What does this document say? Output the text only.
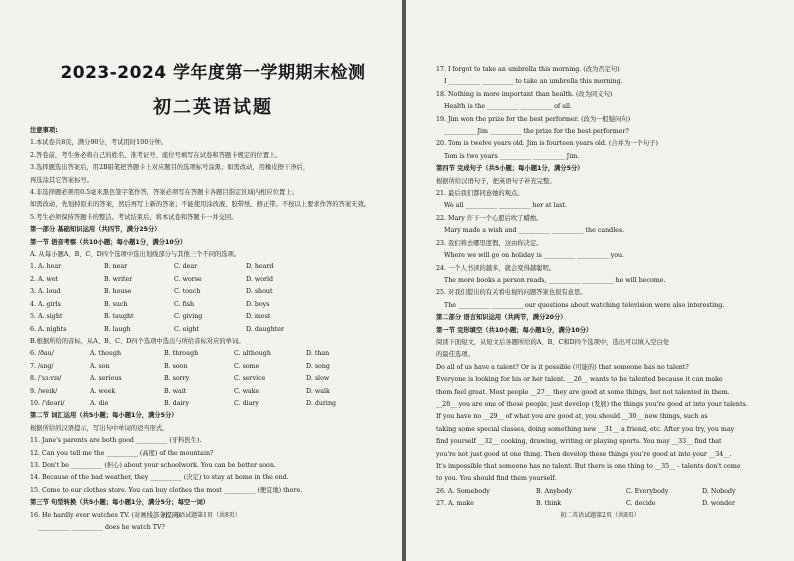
2023-2024 学年度第一学期期末检测
初二英语试题
注意事项:
1.本试卷共8页，满分90分，考试用时100分钟。
2.答卷前，考生务必将自己的姓名、准考证号、座位号填写在试卷和答题卡规定的位置上。
3.选择题选出答案后，用2B铅笔把答题卡上对应题目的选项标号涂黑；如需改动，用橡皮擦干净后，
再选涂其它答案标号。
4.非选择题必须用0.5毫米黑色签字笔作答，答案必须写在答题卡各题目指定区域内相应位置上；
如需改动，先划掉原来的答案，然后再写上新的答案；不能使用涂改液、胶带纸、修正带。不按以上要求作答的答案无效。
5.考生必须保持答题卡的整洁。考试结束后，将本试卷和答题卡一并交回。
第一部分 基础知识运用（共四节，满分25分）
第一节 语音考察（共10小题；每小题1分，满分10分）
A. 从每小题A、B、C、D四个选项中选出划线部分与其他三个不同的选项。
1. A. hear	B. near	C. dear	D. heard
2. A. wet	B. writer	C. worse	D. world
3. A. loud	B. house	C. touch	D. shout
4. A. girls	B. such	C. fish	D. boys
5. A. sight	B. taught	C. giving	D. most
6. A. nights	B. laugh	C. eight	D. daughter
B.根据所给的音标，从A、B、C、D四个选项中选出与所给音标对应的单词。
6. /ðau/	A. though	B. through	C. although	D. than
7. /sɒg/	A. son	B. soon	C. some	D. song
8. /'sɜ:vɪs/	A. serious	B. sorry	C. service	D. slow
9. /weɪk/	A. week	B. wait	C. wake	D. walk
10. /'deəri/	A. die	B. dairy	C. diary	D. during
第二节 词汇运用（共5小题；每小题1分，满分5分）
根据所给的汉语提示，写出句中单词的适当形式。
11. Jane's parents are both good __________ (牙科医生).
12. Can you tell me the __________ (高度) of the mountain?
13. Don't be __________ (担心) about your schoolwork. You can be better soon.
14. Because of the bad weather, they __________ (决定) to stay at home in the end.
15. Come to our clothes store. You can buy clothes the most __________ (便宜地) there.
第三节 句型转换（共5小题；每小题1分，满分5分；每空一词）
16. He hardly ever watches TV. (对画线部分提问)
__________ __________ does he watch TV?
初二英语试题第1页（共8页）
17. I forgot to take an umbrella this morning. (改为否定句)
I __________ __________ to take an umbrella this morning.
18. Nothing is more important than health. (改为同义句)
Health is the __________ __________ of all.
19. Jim won the prize for the best performer. (改为一般疑问句)
__________ Jim __________ the prize for the best performer?
20. Tom is twelve years old. Jim is fourteen years old. (合并为一个句子)
Tom is two years __________ __________ Jim.
第四节 完成句子（共5小题；每小题1分，满分5分）
根据所给汉语句子，把英语句子补充完整。
21. 最后我们都同意她的观点。
We all __________ __________ her at last.
22. Mary 许下一个心愿后吹了蜡烛。
Mary made a wish and __________ __________ the candles.
23. 我们将去哪里度假，这由你决定。
Where we will go on holiday is __________ __________ you.
24. 一个人书读的越多，就会变得越聪明。
The more books a person reads, __________ __________ he will become.
25. 对我们提出的有关看电视的问题答案也很有意思。
The __________ __________ our questions about watching television were also interesting.
第二部分 语言知识运用（共两节，满分20分）
第一节 完形填空（共10小题；每小题1分，满分10分）
阅读下面短文，从短文后各题所给的A、B、C和D四个选项中，选出可以填入空白处
的最佳选项。
Do all of us have a talent? Or is it possible (可能的) that someone has no talent?
Everyone is looking for his or her talent. __26__ wants to be talented because it can make
them feel great. Most people __27__ they are good at some things, but not talented in them.
__28__ you are one of those people, just develop (发展) the things you're good at into your talents.
If you have no __29__ of what you are good at, you should __30__ new things, such as
taking some special classes, doing something new __31__ a friend, etc. After you try, you may
find yourself __32__ cooking, drawing, writing or playing sports. You may __33__ find that
you're not just good at one thing. Then develop these things you're good at into your __34__.
It's impossible that someone has no talent. But there is one thing to __35__ - talents don't come
to you. You should find them yourself.
26. A. Somebody	B. Anybody	C. Everybody	D. Nobody
27. A. make	B. think	C. decide	D. wonder
初二英语试题第2页（共8页）
